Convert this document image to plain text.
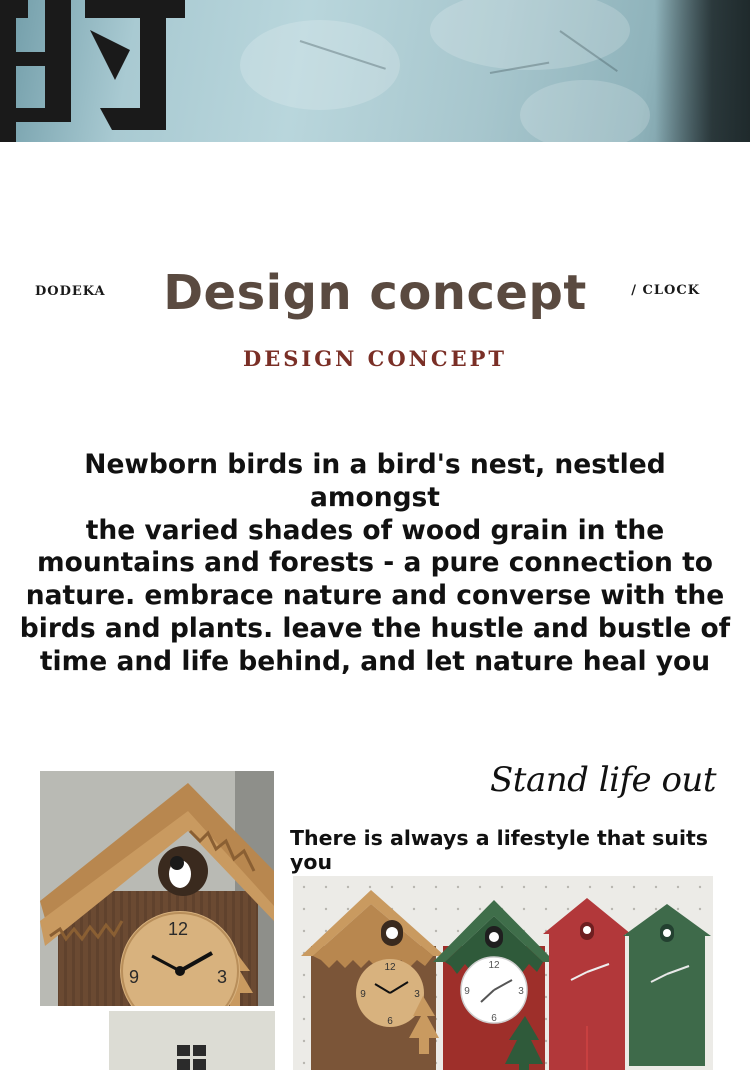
DODEKA	Design concept	/ CLOCK
DESIGN CONCEPT
Newborn birds in a bird's nest, nestled amongst
the varied shades of wood grain in the
mountains and forests - a pure connection to
nature. embrace nature and converse with the
birds and plants. leave the hustle and bustle of
time and life behind, and let nature heal you
Stand life out
There is always a lifestyle that suits you
12
3
9	12
3
9
6
12
3
9
6
